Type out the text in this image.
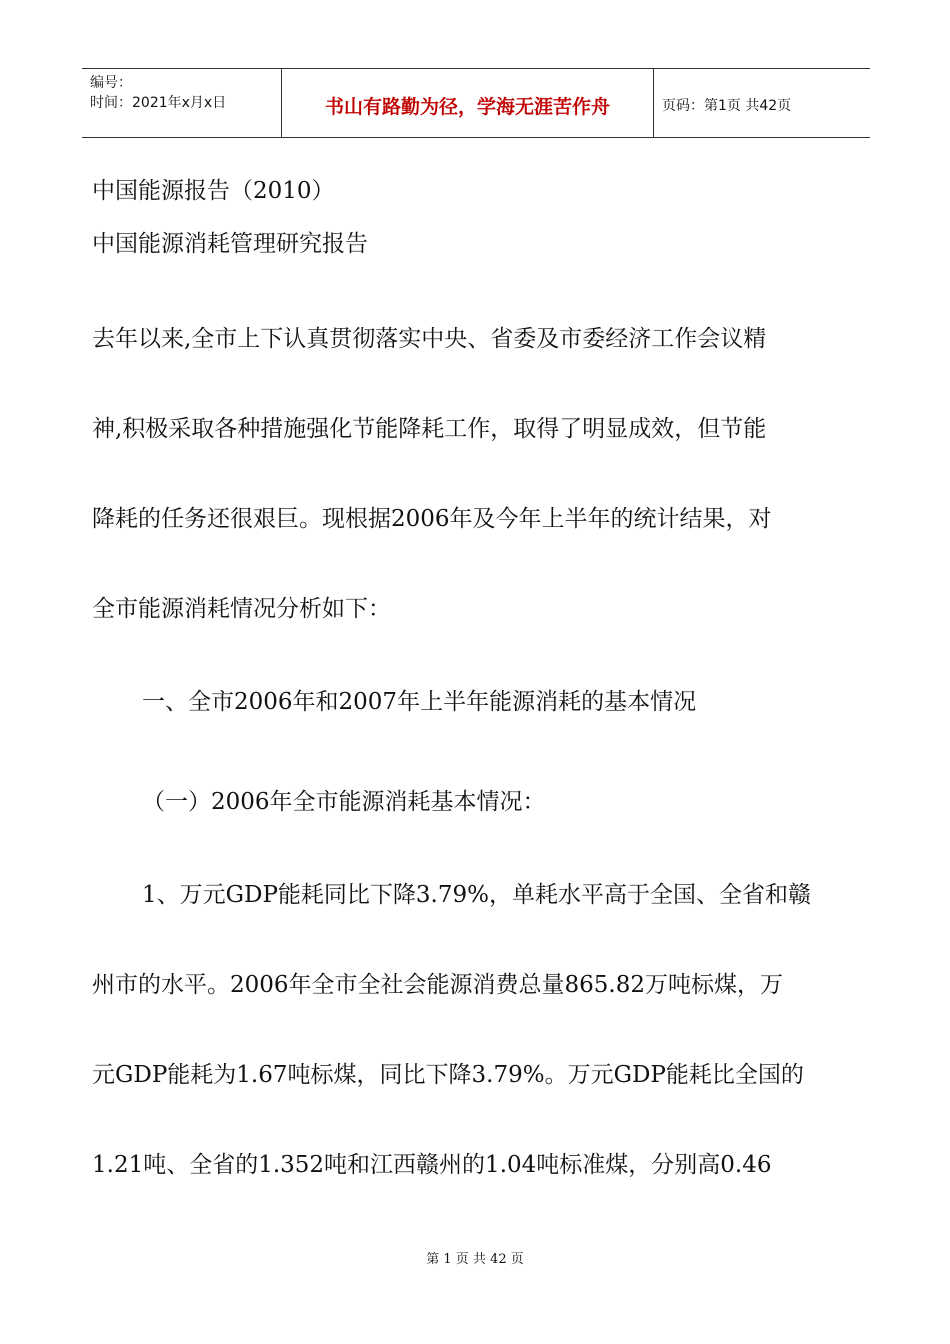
编号：
时间：2021年x月x日	书山有路勤为径，学海无涯苦作舟	页码：第1页 共42页
中国能源报告（2010）
中国能源消耗管理研究报告
去年以来,全市上下认真贯彻落实中央、省委及市委经济工作会议精
神,积极采取各种措施强化节能降耗工作，取得了明显成效，但节能
降耗的任务还很艰巨。现根据2006年及今年上半年的统计结果，对
全市能源消耗情况分析如下：
一、全市2006年和2007年上半年能源消耗的基本情况
（一）2006年全市能源消耗基本情况：
1、万元GDP能耗同比下降3.79%，单耗水平高于全国、全省和赣
州市的水平。2006年全市全社会能源消费总量865.82万吨标煤，万
元GDP能耗为1.67吨标煤，同比下降3.79%。万元GDP能耗比全国的
1.21吨、全省的1.352吨和江西赣州的1.04吨标准煤，分别高0.46
第 1 页 共 42 页
